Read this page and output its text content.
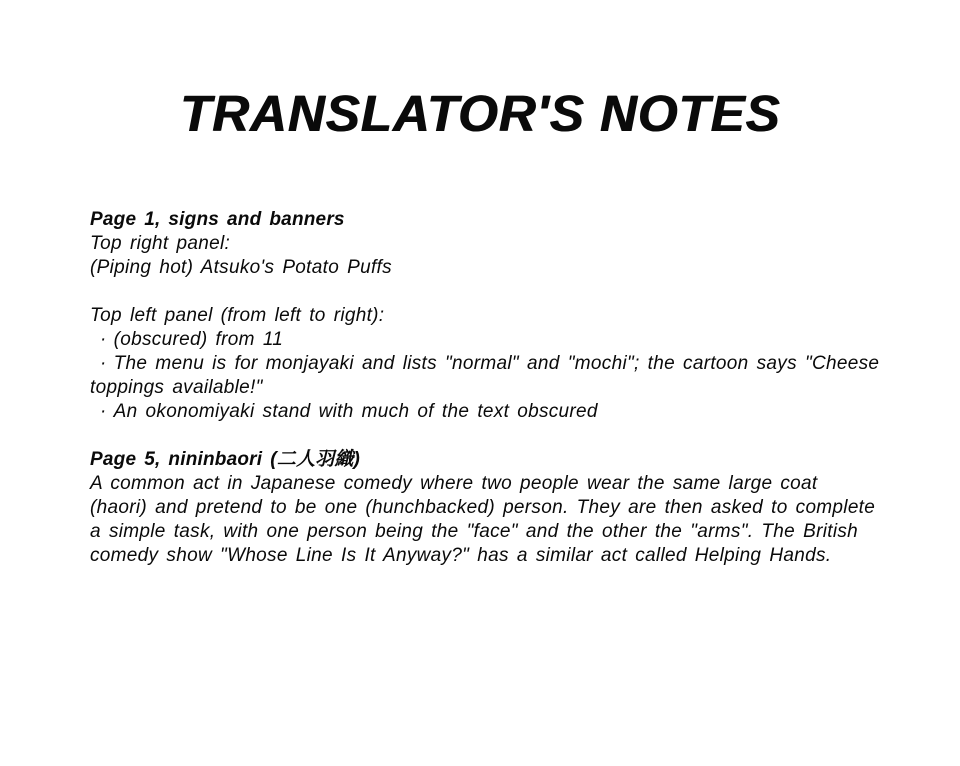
TRANSLATOR'S NOTES
Page 1, signs and banners
Top right panel:
(Piping hot) Atsuko's Potato Puffs
Top left panel (from left to right):
· (obscured) from 11
· The menu is for monjayaki and lists "normal" and "mochi"; the cartoon says "Cheese toppings available!"
· An okonomiyaki stand with much of the text obscured
Page 5, nininbaori (二人羽織)

A common act in Japanese comedy where two people wear the same large coat (haori) and pretend to be one (hunchbacked) person. They are then asked to complete a simple task, with one person being the "face" and the other the "arms". The British comedy show "Whose Line Is It Anyway?" has a similar act called Helping Hands.
